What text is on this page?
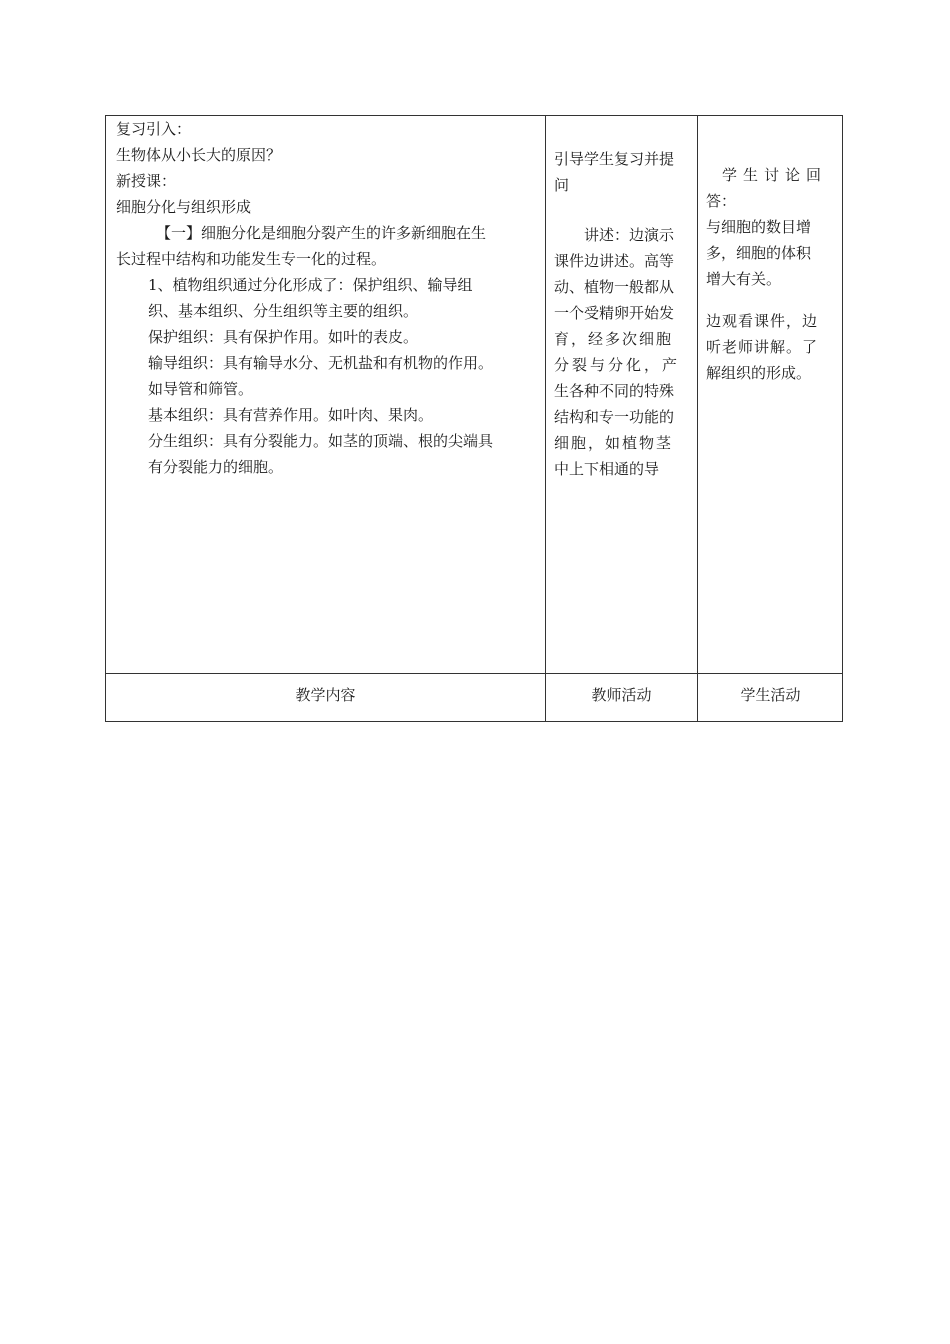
复习引入：

生物体从小长大的原因？

新授课：

细胞分化与组织形成

【一】细胞分化是细胞分裂产生的许多新细胞在生

长过程中结构和功能发生专一化的过程。

1、植物组织通过分化形成了：保护组织、输导组

织、基本组织、分生组织等主要的组织。

保护组织：具有保护作用。如叶的表皮。

输导组织：具有输导水分、无机盐和有机物的作用。

如导管和筛管。

基本组织：具有营养作用。如叶肉、果肉。

分生组织：具有分裂能力。如茎的顶端、根的尖端具

有分裂能力的细胞。

引导学生复习并提

问

讲述：边演示

课件边讲述。高等

动、植物一般都从

一个受精卵开始发

育，经多次细胞

分裂与分化，产

生各种不同的特殊

结构和专一功能的

细胞，如植物茎

中上下相通的导

学生讨论回

答：

与细胞的数目增

多，细胞的体积

增大有关。

边观看课件，边

听老师讲解。了

解组织的形成。

教学内容	教师活动	学生活动
